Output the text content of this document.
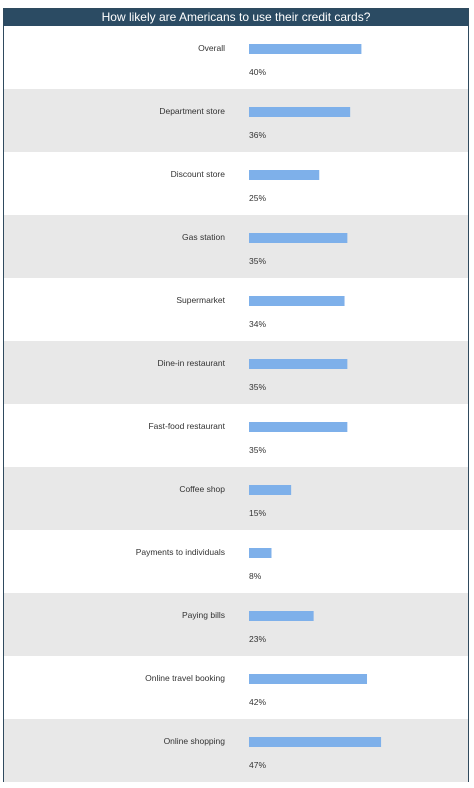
How likely are Americans to use their credit cards?
Overall
40%
Department store
36%
Discount store
25%
Gas station
35%
Supermarket
34%
Dine-in restaurant
35%
Fast-food restaurant
35%
Coffee shop
15%
Payments to individuals
8%
Paying bills
23%
Online travel booking
42%
Online shopping
47%
